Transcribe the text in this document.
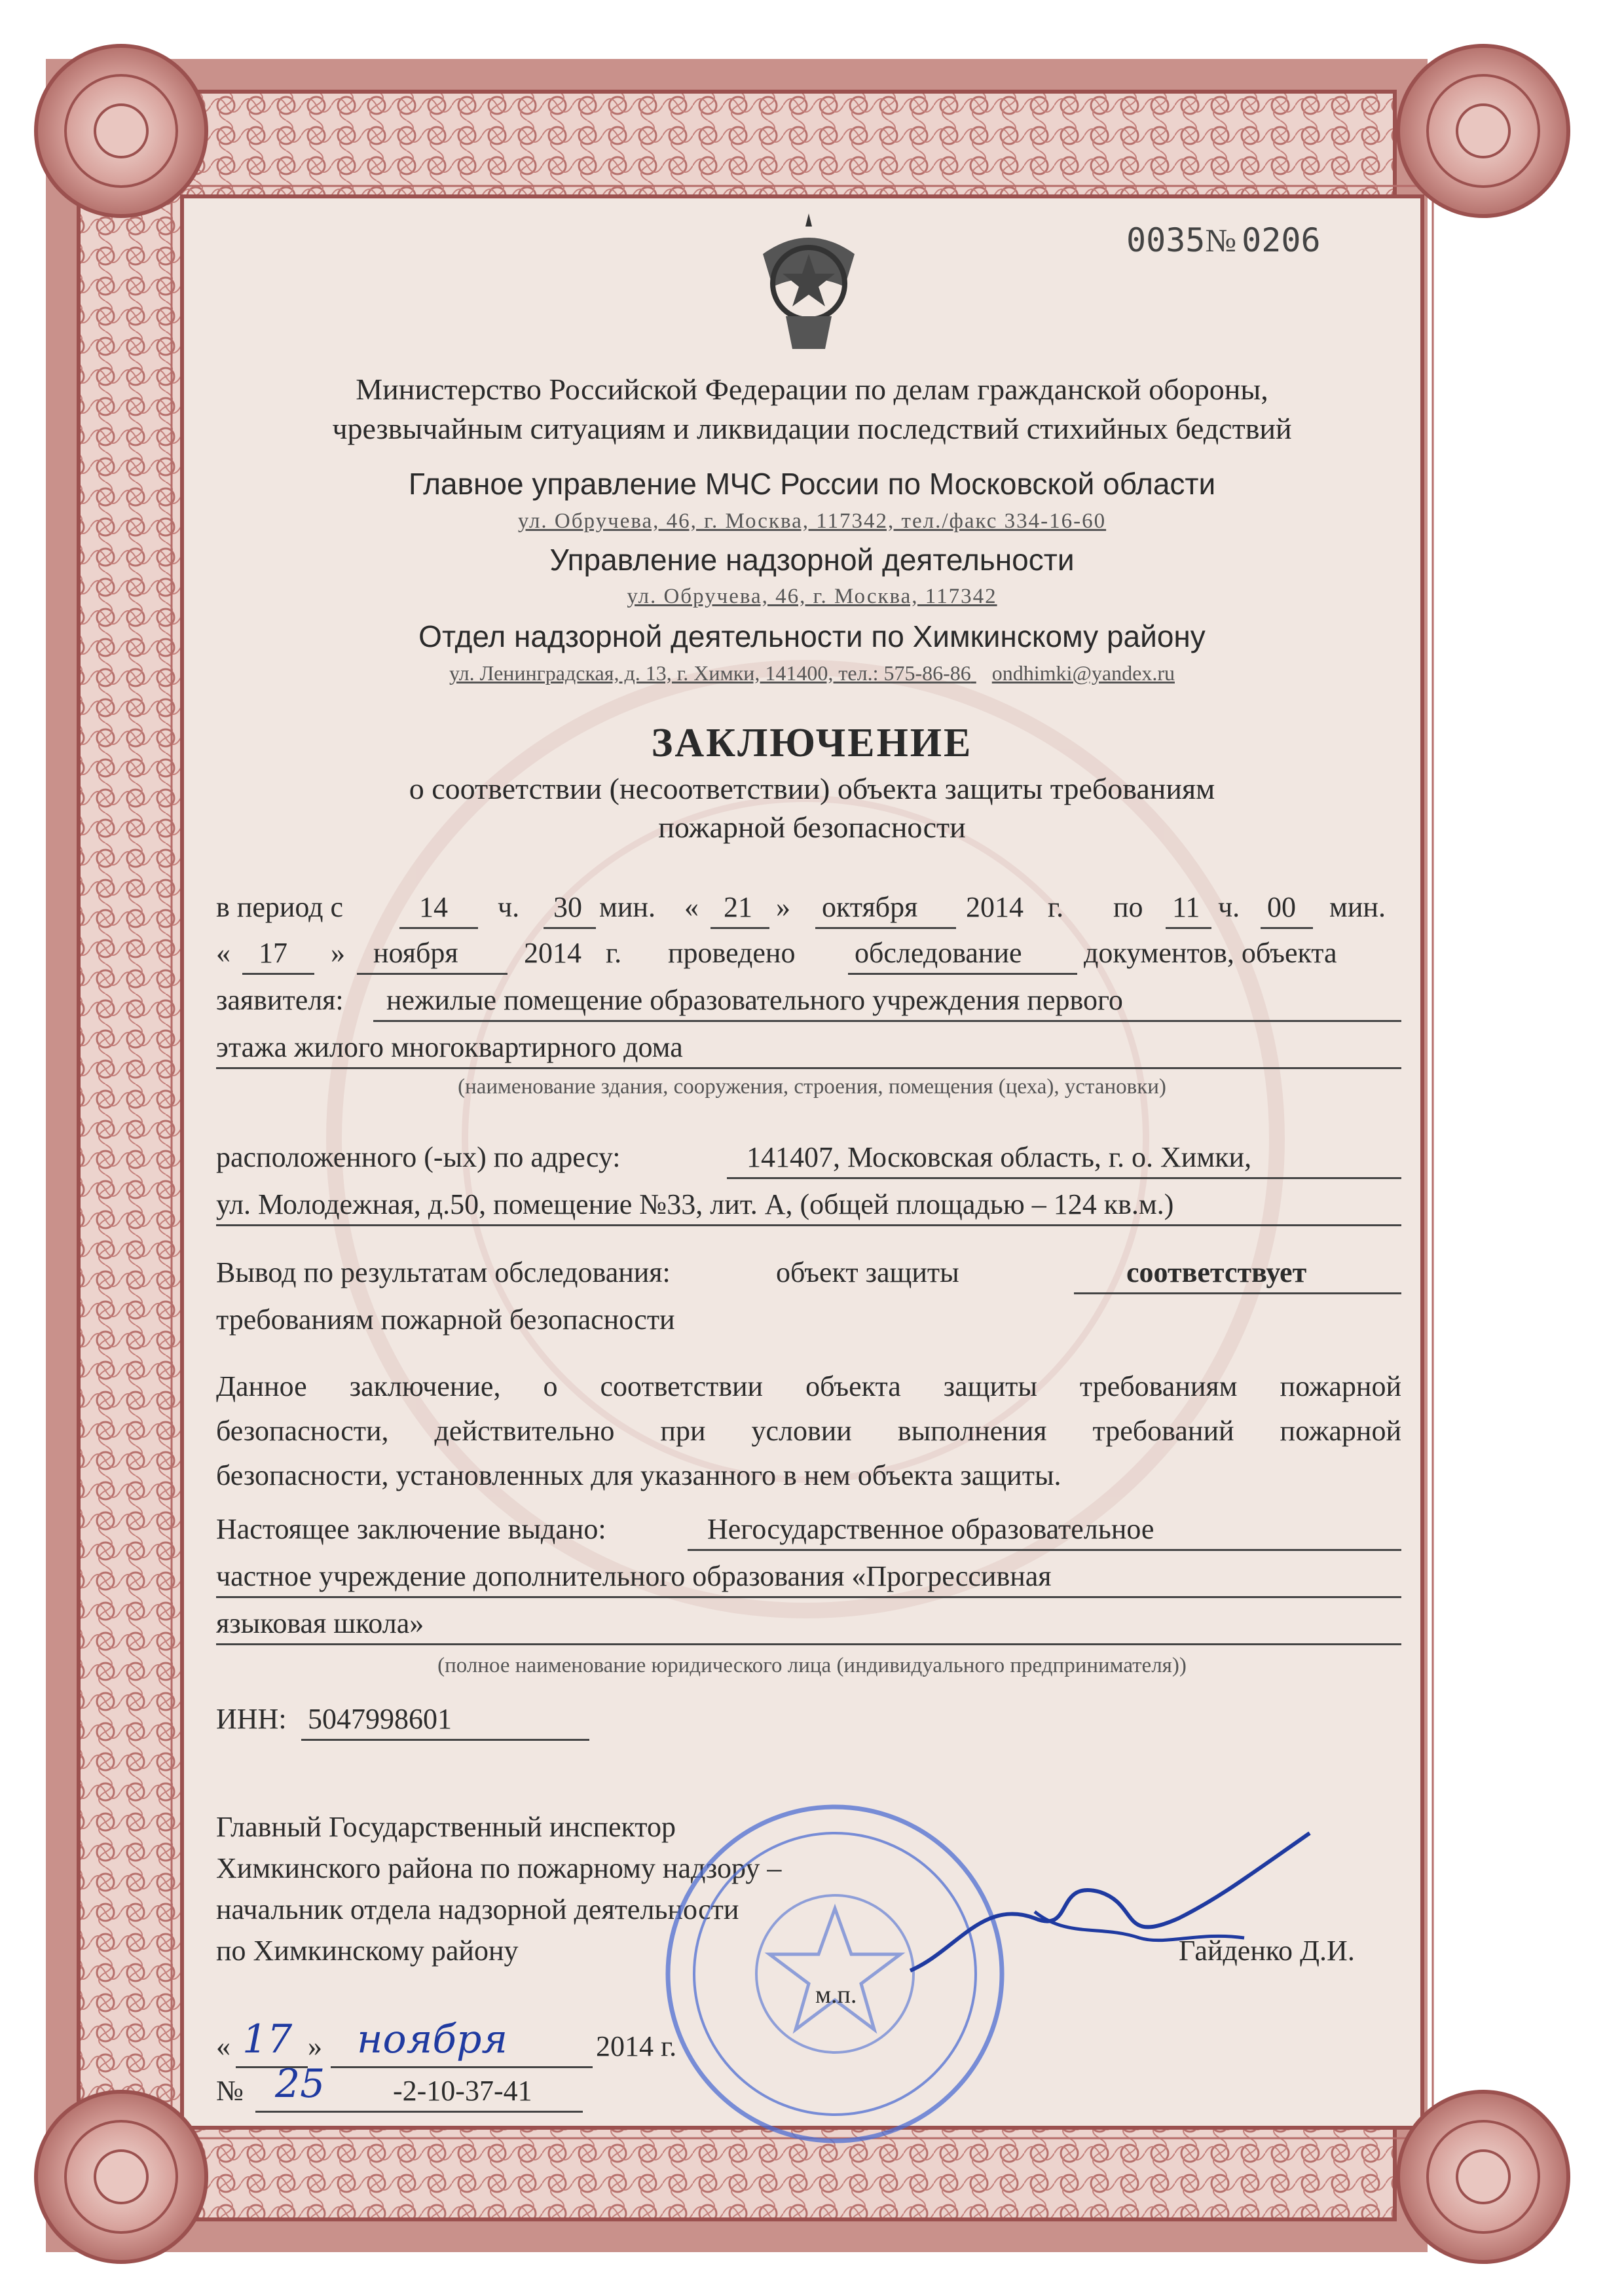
0035№ 0206
Министерство Российской Федерации по делам гражданской обороны,
чрезвычайным ситуациям и ликвидации последствий стихийных бедствий
Главное управление МЧС России по Московской области
ул. Обручева, 46, г. Москва, 117342, тел./факс 334-16-60
Управление надзорной деятельности
ул. Обручева, 46, г. Москва, 117342
Отдел надзорной деятельности по Химкинскому району
ул. Ленинградская, д. 13, г. Химки, 141400, тел.: 575-86-86 ondhimki@yandex.ru
ЗАКЛЮЧЕНИЕ
о соответствии (несоответствии) объекта защиты требованиям
пожарной безопасности
в период с	14 ч. 30 мин. « 21 » октября 2014 г. по 11 ч. 00 мин.
« 17 » ноября 2014 г. проведено обследование документов, объекта
заявителя: нежилые помещение образовательного учреждения первого
этажа жилого многоквартирного дома
(наименование здания, сооружения, строения, помещения (цеха), установки)
расположенного (-ых) по адресу:	141407, Московская область, г. о. Химки,
ул. Молодежная, д.50, помещение №33, лит. А, (общей площадью – 124 кв.м.)
Вывод по результатам обследования:	объект защиты	соответствует
требованиям пожарной безопасности
Данное заключение, о соответствии объекта защиты требованиям пожарной
безопасности, действительно при условии выполнения требований пожарной
безопасности, установленных для указанного в нем объекта защиты.
Настоящее заключение выдано:	Негосударственное образовательное
частное учреждение дополнительного образования «Прогрессивная
языковая школа»
(полное наименование юридического лица (индивидуального предпринимателя))
ИНН: 5047998601
Главный Государственный инспектор
Химкинского района по пожарному надзору –
начальник отдела надзорной деятельности
по Химкинскому району	Гайденко Д.И.
м.п.
« 17 » ноября	2014 г.
№ 25 -2-10-37-41
